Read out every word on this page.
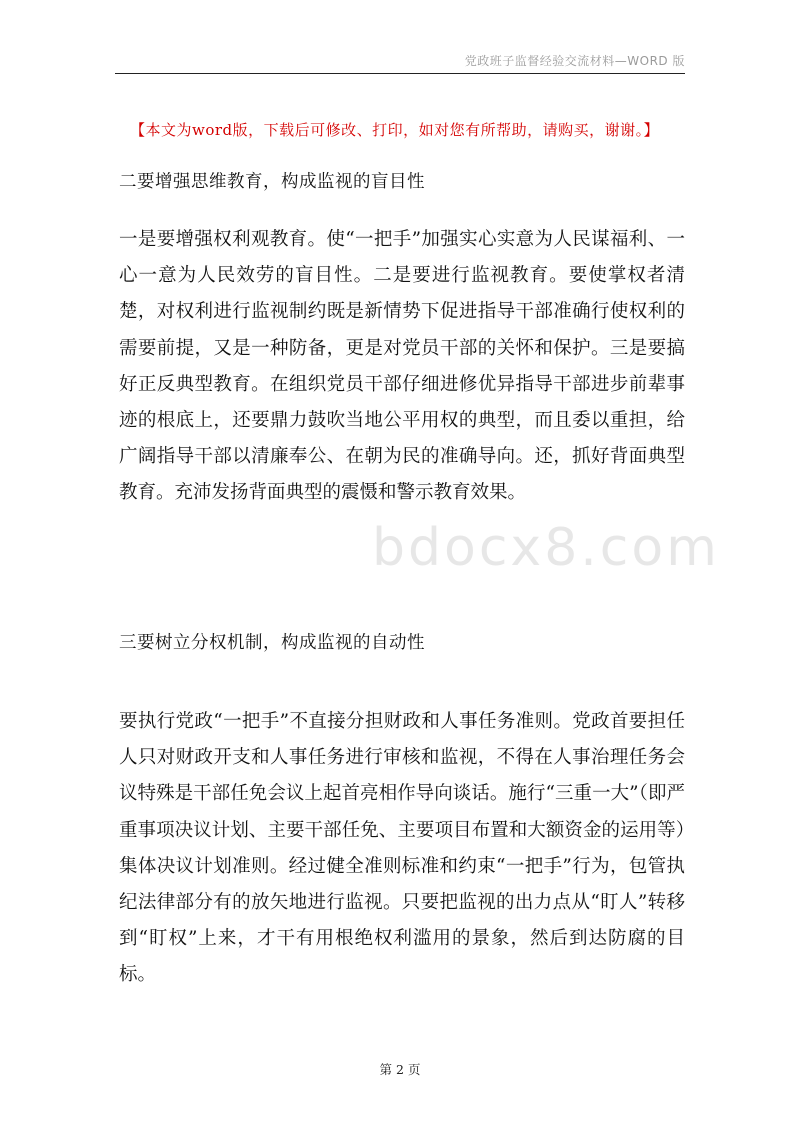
党政班子监督经验交流材料—WORD 版
【本文为word版，下载后可修改、打印，如对您有所帮助，请购买，谢谢。】
二要增强思维教育，构成监视的盲目性

一是要增强权利观教育。使“一把手”加强实心实意为人民谋福利、一心一意为人民效劳的盲目性。二是要进行监视教育。要使掌权者清楚，对权利进行监视制约既是新情势下促进指导干部准确行使权利的需要前提，又是一种防备，更是对党员干部的关怀和保护。三是要搞好正反典型教育。在组织党员干部仔细进修优异指导干部进步前辈事迹的根底上，还要鼎力鼓吹当地公平用权的典型，而且委以重担，给广阔指导干部以清廉奉公、在朝为民的准确导向。还，抓好背面典型教育。充沛发扬背面典型的震慑和警示教育效果。

bdocx8.com
三要树立分权机制，构成监视的自动性

要执行党政“一把手”不直接分担财政和人事任务准则。党政首要担任人只对财政开支和人事任务进行审核和监视，不得在人事治理任务会议特殊是干部任免会议上起首亮相作导向谈话。施行“三重一大”（即严重事项决议计划、主要干部任免、主要项目布置和大额资金的运用等）集体决议计划准则。经过健全准则标准和约束“一把手”行为，包管执纪法律部分有的放矢地进行监视。只要把监视的出力点从“盯人”转移到“盯权”上来，才干有用根绝权利滥用的景象，然后到达防腐的目标。

第 2 页
